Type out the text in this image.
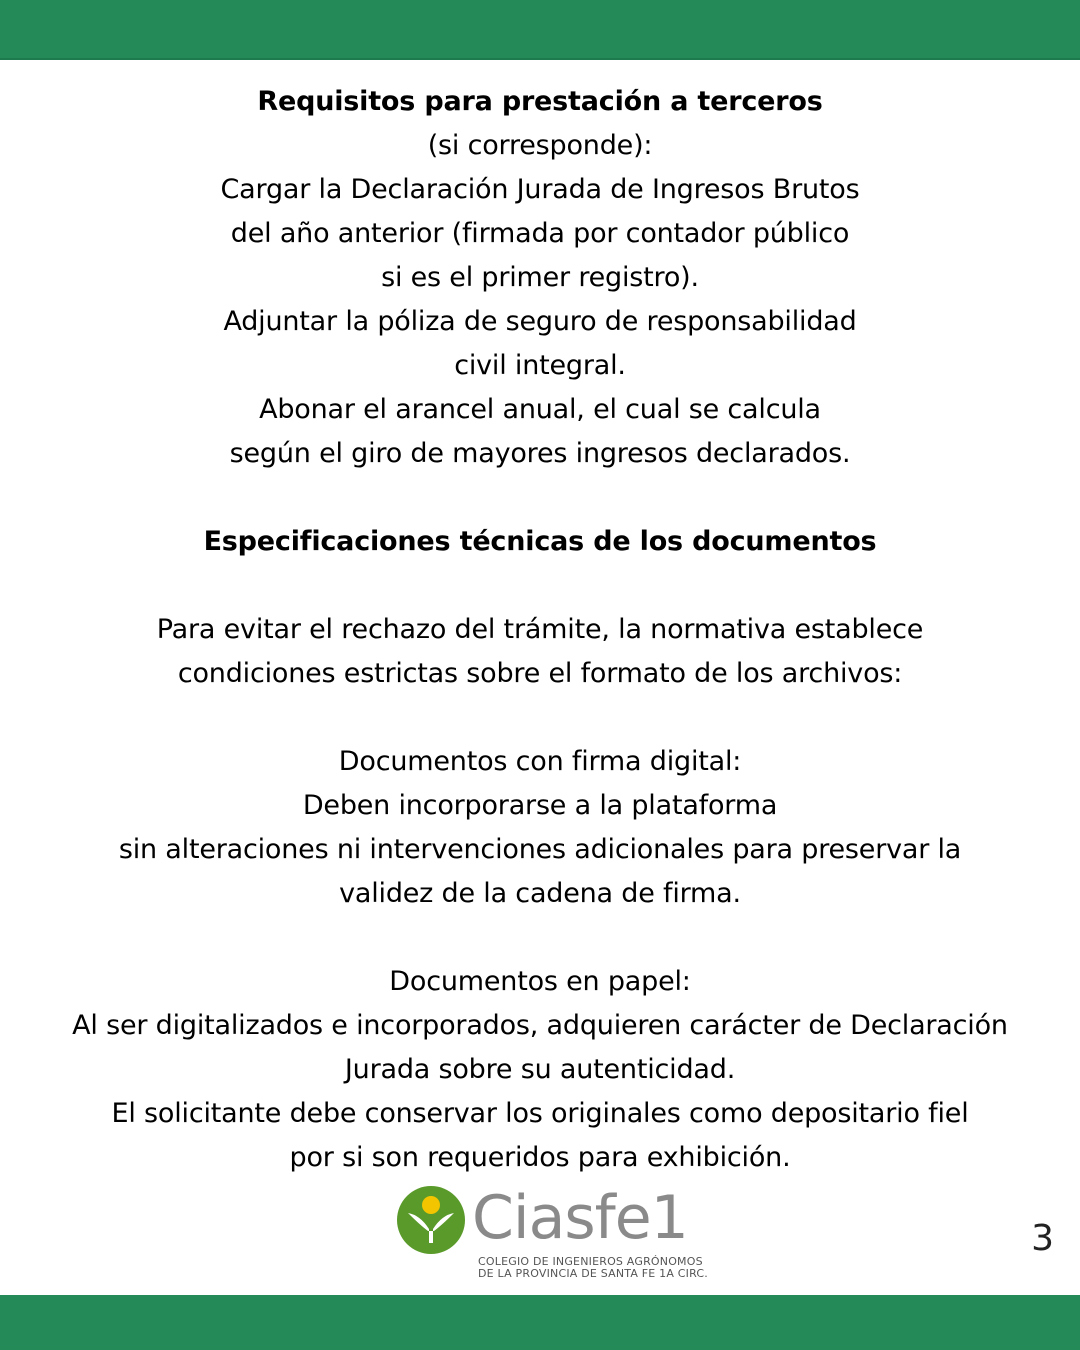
Requisitos para prestación a terceros
(si corresponde):
Cargar la Declaración Jurada de Ingresos Brutos
del año anterior (firmada por contador público
si es el primer registro).
Adjuntar la póliza de seguro de responsabilidad
civil integral.
Abonar el arancel anual, el cual se calcula
según el giro de mayores ingresos declarados.
Especificaciones técnicas de los documentos
Para evitar el rechazo del trámite, la normativa establece
condiciones estrictas sobre el formato de los archivos:
Documentos con firma digital:
Deben incorporarse a la plataforma
sin alteraciones ni intervenciones adicionales para preservar la
validez de la cadena de firma.
Documentos en papel:
Al ser digitalizados e incorporados, adquieren carácter de Declaración
Jurada sobre su autenticidad.
El solicitante debe conservar los originales como depositario fiel
por si son requeridos para exhibición.
Ciasfe1
COLEGIO DE INGENIEROS AGRÓNOMOS
DE LA PROVINCIA DE SANTA FE 1A CIRC.
3
